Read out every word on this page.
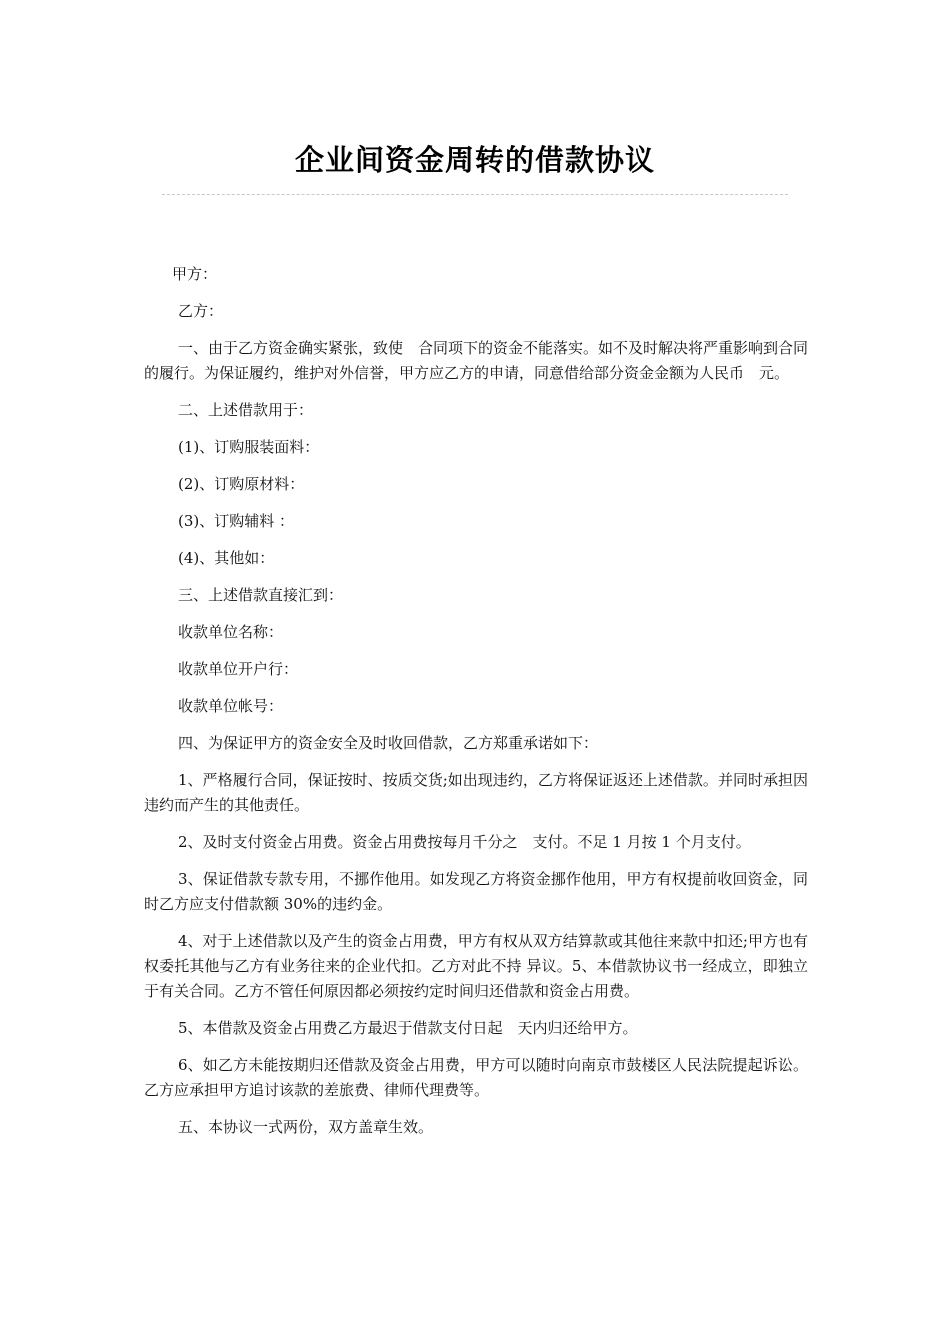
企业间资金周转的借款协议

甲方：

乙方：

一、由于乙方资金确实紧张，致使　合同项下的资金不能落实。如不及时解决将严重影响到合同的履行。为保证履约，维护对外信誉，甲方应乙方的申请，同意借给部分资金金额为人民币　元。

二、上述借款用于：

(1)、订购服装面料：

(2)、订购原材料：

(3)、订购辅料 ：

(4)、其他如：

三、上述借款直接汇到：

收款单位名称：

收款单位开户行：

收款单位帐号：

四、为保证甲方的资金安全及时收回借款，乙方郑重承诺如下：

1、严格履行合同，保证按时、按质交货;如出现违约，乙方将保证返还上述借款。并同时承担因违约而产生的其他责任。

2、及时支付资金占用费。资金占用费按每月千分之　支付。不足 1 月按 1 个月支付。

3、保证借款专款专用，不挪作他用。如发现乙方将资金挪作他用，甲方有权提前收回资金，同时乙方应支付借款额 30%的违约金。

4、对于上述借款以及产生的资金占用费，甲方有权从双方结算款或其他往来款中扣还;甲方也有权委托其他与乙方有业务往来的企业代扣。乙方对此不持 异议。5、本借款协议书一经成立，即独立于有关合同。乙方不管任何原因都必须按约定时间归还借款和资金占用费。

5、本借款及资金占用费乙方最迟于借款支付日起　天内归还给甲方。

6、如乙方未能按期归还借款及资金占用费，甲方可以随时向南京市鼓楼区人民法院提起诉讼。乙方应承担甲方追讨该款的差旅费、律师代理费等。

五、本协议一式两份，双方盖章生效。
